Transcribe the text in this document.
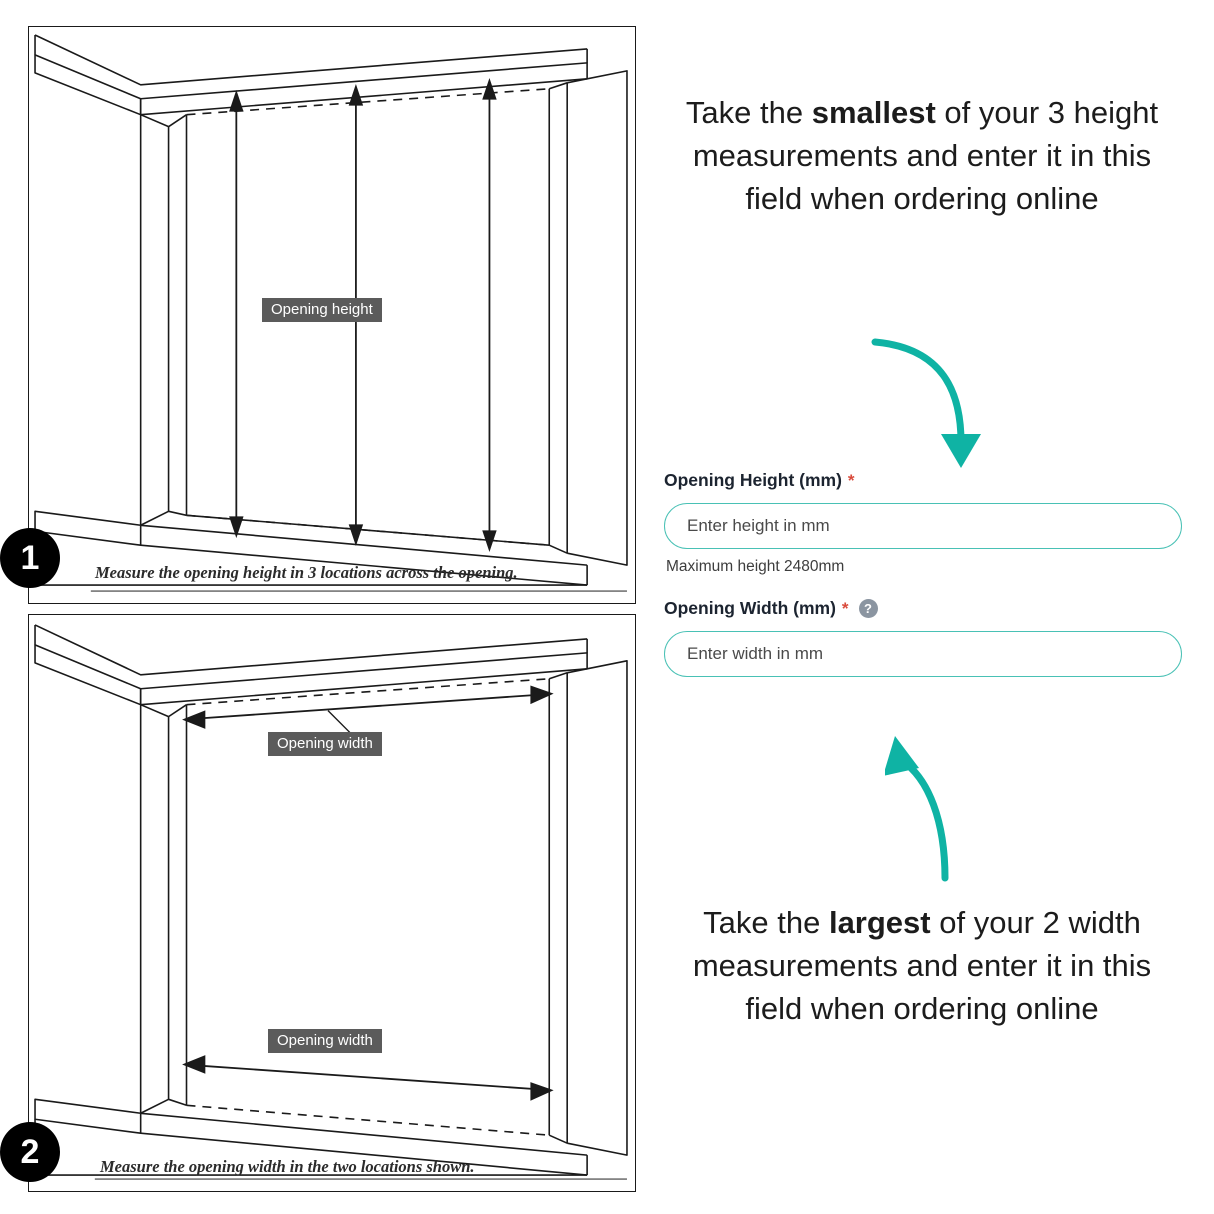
1	Measure the opening height in 3 locations across the opening.
Opening height
2	Measure the opening width in the two locations shown.
Opening width
Opening width
Take the smallest of your 3 height measurements and enter it in this field when ordering online
Opening Height (mm) *
Enter height in mm
Maximum height 2480mm
Opening Width (mm) *	?
Enter width in mm
Take the largest of your 2 width measurements and enter it in this field when ordering online
